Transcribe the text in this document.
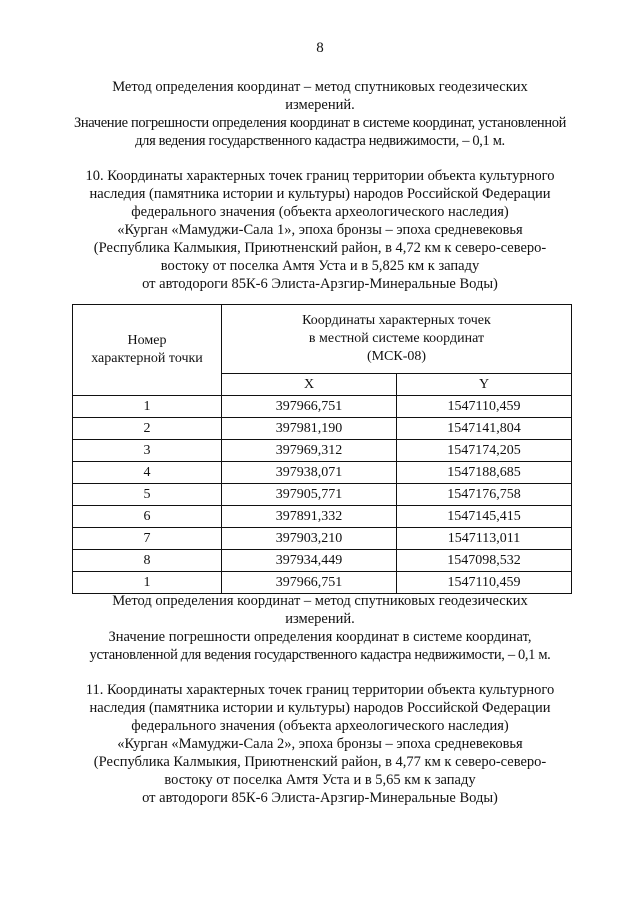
8
Метод определения координат – метод спутниковых геодезических
измерений.
Значение погрешности определения координат в системе координат, установленной
для ведения государственного кадастра недвижимости, – 0,1 м.
10. Координаты характерных точек границ территории объекта культурного
наследия (памятника истории и культуры) народов Российской Федерации
федерального значения (объекта археологического наследия)
«Курган «Мамуджи-Сала 1», эпоха бронзы – эпоха средневековья
(Республика Калмыкия, Приютненский район, в 4,72 км к северо-северо-
востоку от поселка Амтя Уста и в 5,825 км к западу
от автодороги 85К-6 Элиста-Арзгир-Минеральные Воды)
Номер
характерной точки	Координаты характерных точек
в местной системе координат
(МСК-08)	

	X	Y
1	397966,751	1547110,459
2	397981,190	1547141,804
3	397969,312	1547174,205
4	397938,071	1547188,685
5	397905,771	1547176,758
6	397891,332	1547145,415
7	397903,210	1547113,011
8	397934,449	1547098,532
1	397966,751	1547110,459
Метод определения координат – метод спутниковых геодезических
измерений.
Значение погрешности определения координат в системе координат,
установленной для ведения государственного кадастра недвижимости, – 0,1 м.
11. Координаты характерных точек границ территории объекта культурного
наследия (памятника истории и культуры) народов Российской Федерации
федерального значения (объекта археологического наследия)
«Курган «Мамуджи-Сала 2», эпоха бронзы – эпоха средневековья
(Республика Калмыкия, Приютненский район, в 4,77 км к северо-северо-
востоку от поселка Амтя Уста и в 5,65 км к западу
от автодороги 85К-6 Элиста-Арзгир-Минеральные Воды)
